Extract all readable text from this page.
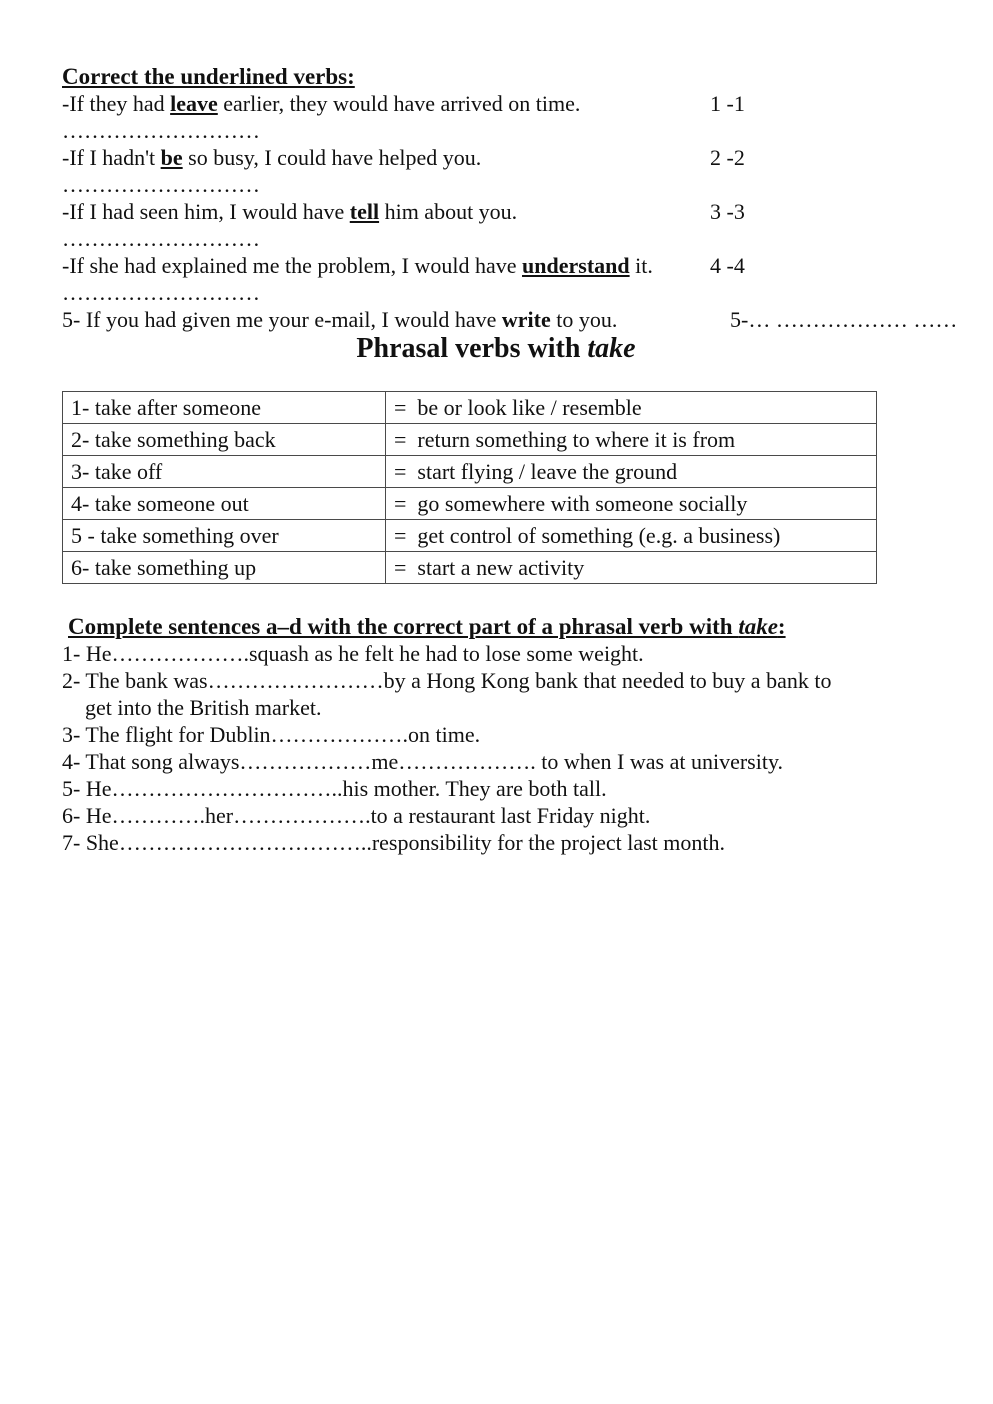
Correct the underlined verbs:
-If they had leave earlier, they would have arrived on time.	1 -1
………………………
-If I hadn't be so busy, I could have helped you.	2 -2
………………………
-If I had seen him, I would have tell him about you.	3 -3
………………………
-If she had explained me the problem, I would have understand it.	4 -4
………………………
5- If you had given me your e-mail, I would have write to you.	5-… ……………… ……
Phrasal verbs with take
1- take after someone	= be or look like / resemble
2- take something back	= return something to where it is from
3- take off	= start flying / leave the ground
4- take someone out	= go somewhere with someone socially
5 - take something over	= get control of something (e.g. a business)
6- take something up	= start a new activity
Complete sentences a–d with the correct part of a phrasal verb with take:
1- He……………….squash as he felt he had to lose some weight.
2- The bank was……………………by a Hong Kong bank that needed to buy a bank to
get into the British market.
3- The flight for Dublin……………….on time.
4- That song always………………me………………. to when I was at university.
5- He…………………………..his mother. They are both tall.
6- He………….her……………….to a restaurant last Friday night.
7- She……………………………..responsibility for the project last month.
